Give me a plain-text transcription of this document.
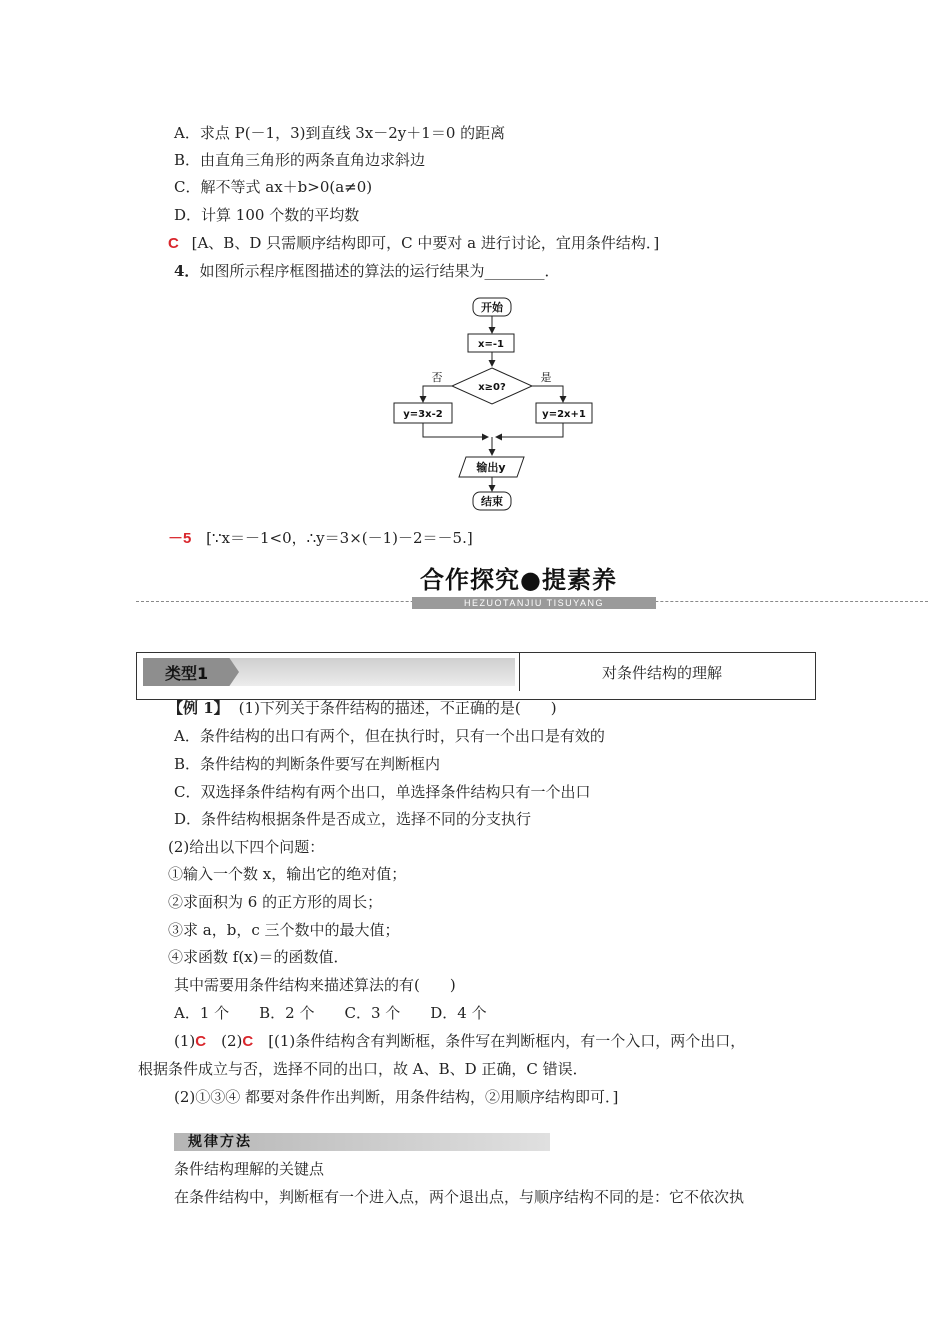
A．求点 P(－1，3)到直线 3x－2y＋1＝0 的距离
B．由直角三角形的两条直角边求斜边
C．解不等式 ax＋b>0(a≠0)
D．计算 100 个数的平均数
C [A、B、D 只需顺序结构即可，C 中要对 a 进行讨论，宜用条件结构．]
4．如图所示程序框图描述的算法的运行结果为________．
开始
x=-1
x≥0?
否	是
y=3x-2	y=2x+1
输出y
结束
－5 [∵x＝－1<0，∴y＝3×(－1)－2＝－5.]
合作探究●提素养
HEZUOTANJIU TISUYANG
类型1	对条件结构的理解
【例 1】 (1)下列关于条件结构的描述，不正确的是(　　)
A．条件结构的出口有两个，但在执行时，只有一个出口是有效的
B．条件结构的判断条件要写在判断框内
C．双选择条件结构有两个出口，单选择条件结构只有一个出口
D．条件结构根据条件是否成立，选择不同的分支执行
(2)给出以下四个问题：
①输入一个数 x，输出它的绝对值；
②求面积为 6 的正方形的周长；
③求 a，b，c 三个数中的最大值；
④求函数 f(x)＝的函数值．
其中需要用条件结构来描述算法的有(　　)
A．1 个　　B．2 个　　C．3 个　　D．4 个
(1)C　(2)C　[(1)条件结构含有判断框，条件写在判断框内，有一个入口，两个出口，
根据条件成立与否，选择不同的出口，故 A、B、D 正确，C 错误．
(2)①③④ 都要对条件作出判断，用条件结构，②用顺序结构即可．]
规律方法
条件结构理解的关键点
在条件结构中，判断框有一个进入点，两个退出点，与顺序结构不同的是：它不依次执
